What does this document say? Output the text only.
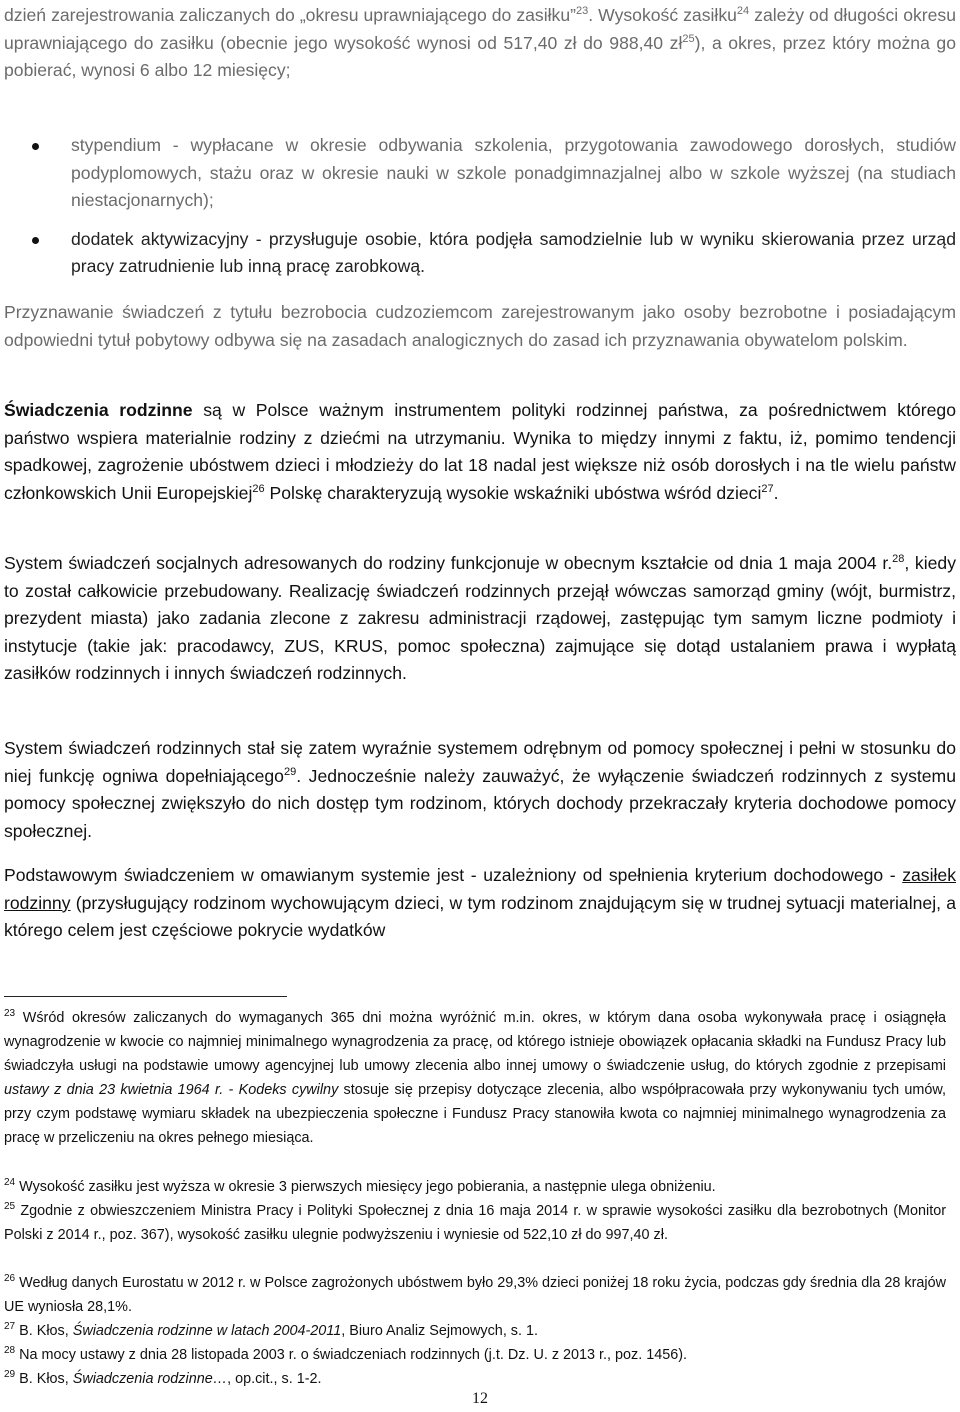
dzień zarejestrowania zaliczanych do „okresu uprawniającego do zasiłku”$^{23}$. Wysokość zasiłku$^{24}$ zależy od długości okresu uprawniającego do zasiłku (obecnie jego wysokość wynosi od 517,40 zł do 988,40 $zł^{25}$), a okres, przez który można go pobierać, wynosi 6 albo 12 miesięcy;
stypendium - wypłacane w okresie odbywania szkolenia, przygotowania zawodowego dorosłych, studiów podyplomowych, stażu oraz w okresie nauki w szkole ponadgimnazjalnej albo w szkole wyższej (na studiach niestacjonarnych);
dodatek aktywizacyjny - przysługuje osobie, która podjęła samodzielnie lub w wyniku skierowania przez urząd pracy zatrudnienie lub inną pracę zarobkową.
Przyznawanie świadczeń z tytułu bezrobocia cudzoziemcom zarejestrowanym jako osoby bezrobotne i posiadającym odpowiedni tytuł pobytowy odbywa się na zasadach analogicznych do zasad ich przyznawania obywatelom polskim.
Świadczenia rodzinne są w Polsce ważnym instrumentem polityki rodzinnej państwa, za pośrednictwem którego państwo wspiera materialnie rodziny z dziećmi na utrzymaniu. Wynika to między innymi z faktu, iż, pomimo tendencji spadkowej, zagrożenie ubóstwem dzieci i młodzieży do lat 18 nadal jest większe niż osób dorosłych i na tle wielu państw członkowskich Unii Europejskiej$^{26}$ Polskę charakteryzują wysokie wskaźniki ubóstwa wśród dzieci$^{27}$.
System świadczeń socjalnych adresowanych do rodziny funkcjonuje w obecnym kształcie od dnia 1 maja 2004 r.$^{28}$, kiedy to został całkowicie przebudowany. Realizację świadczeń rodzinnych przejął wówczas samorząd gminy (wójt, burmistrz, prezydent miasta) jako zadania zlecone z zakresu administracji rządowej, zastępując tym samym liczne podmioty i instytucje (takie jak: pracodawcy, ZUS, KRUS, pomoc społeczna) zajmujące się dotąd ustalaniem prawa i wypłatą zasiłków rodzinnych i innych świadczeń rodzinnych.
System świadczeń rodzinnych stał się zatem wyraźnie systemem odrębnym od pomocy społecznej i pełni w stosunku do niej funkcję ogniwa dopełniającego$^{29}$. Jednocześnie należy zauważyć, że wyłączenie świadczeń rodzinnych z systemu pomocy społecznej zwiększyło do nich dostęp tym rodzinom, których dochody przekraczały kryteria dochodowe pomocy społecznej.
Podstawowym świadczeniem w omawianym systemie jest - uzależniony od spełnienia kryterium dochodowego - zasiłek rodzinny (przysługujący rodzinom wychowującym dzieci, w tym rodzinom znajdującym się w trudnej sytuacji materialnej, a którego celem jest częściowe pokrycie wydatków
$^{23}$ Wśród okresów zaliczanych do wymaganych 365 dni można wyróżnić m.in. okres, w którym dana osoba wykonywała pracę i osiągnęła wynagrodzenie w kwocie co najmniej minimalnego wynagrodzenia za pracę, od którego istnieje obowiązek opłacania składki na Fundusz Pracy lub świadczyła usługi na podstawie umowy agencyjnej lub umowy zlecenia albo innej umowy o świadczenie usług, do których zgodnie z przepisami ustawy z dnia 23 kwietnia 1964 r. - Kodeks cywilny stosuje się przepisy dotyczące zlecenia, albo współpracowała przy wykonywaniu tych umów, przy czym podstawę wymiaru składek na ubezpieczenia społeczne i Fundusz Pracy stanowiła kwota co najmniej minimalnego wynagrodzenia za pracę w przeliczeniu na okres pełnego miesiąca.
$^{24}$ Wysokość zasiłku jest wyższa w okresie 3 pierwszych miesięcy jego pobierania, a następnie ulega obniżeniu.
$^{25}$ Zgodnie z obwieszczeniem Ministra Pracy i Polityki Społecznej z dnia 16 maja 2014 r. w sprawie wysokości zasiłku dla bezrobotnych (Monitor Polski z 2014 r., poz. 367), wysokość zasiłku ulegnie podwyższeniu i wyniesie od 522,10 zł do 997,40 zł.
$^{26}$ Według danych Eurostatu w 2012 r. w Polsce zagrożonych ubóstwem było 29,3% dzieci poniżej 18 roku życia, podczas gdy średnia dla 28 krajów UE wyniosła 28,1%.
$^{27}$ B. Kłos, Świadczenia rodzinne w latach 2004-2011, Biuro Analiz Sejmowych, s. 1.
$^{28}$ Na mocy ustawy z dnia 28 listopada 2003 r. o świadczeniach rodzinnych (j.t. Dz. U. z 2013 r., poz. 1456).
$^{29}$ B. Kłos, Świadczenia rodzinne…, op.cit., s. 1-2.
12
